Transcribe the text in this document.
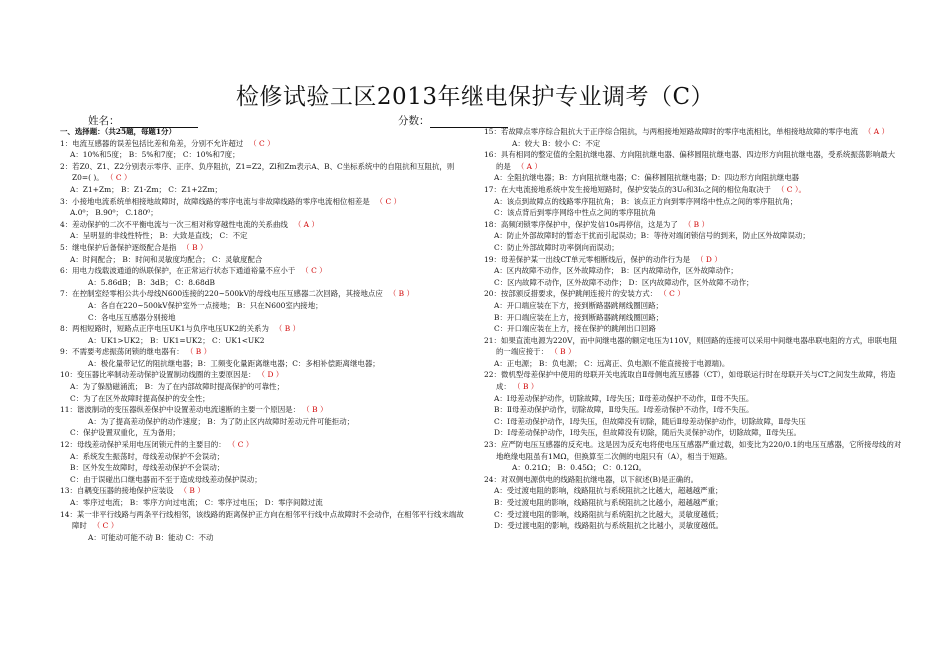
检修试验工区2013年继电保护专业调考（C）
姓名：	分数：
一、选择题：（共25题，每题1分）
1：电流互感器的误差包括比差和角差，分别不允许超过 （ C ）
A：10%和5度； B：5%和7度； C：10%和7度；
2：若Z0、Z1、Z2分别表示零序、正序、负序阻抗，Z1=Z2，Zl和Zm表示A、B、C坐标系统中的自阻抗和互阻抗，则Z0=( )。 （ C ）
A：Z1+Zm； B：Z1-Zm； C：Z1+2Zm；
3：小接地电流系统单相接地故障时，故障线路的零序电流与非故障线路的零序电流相位相差是 （ C ）
A.0⁰； B.90⁰； C.180⁰；
4：差动保护的二次不平衡电流与一次三相对称穿越性电流的关系曲线 （ A ）
A：呈明显的非线性特性； B：大致是直线； C：不定
5：继电保护后备保护逐级配合是指 （ B ）
A：时间配合； B：时间和灵敏度均配合； C：灵敏度配合
6：用电力线载波通道的纵联保护，在正常运行状态下通道裕量不应小于 （ C ）
A：5.86dB； B：3dB； C：8.68dB
7：在控制室经零相公共小母线N600连接的220~500kV的母线电压互感器二次回路，其接地点应 （ B ）
A：各自在220~500kV保护室外一点接地； B：只在N600室内接地；
C：各电压互感器分别接地
8：两相短路时，短路点正序电压UK1与负序电压UK2的关系为 （ B ）
A：UK1>UK2； B：UK1=UK2； C：UK1<UK2
9：不需要考虑振荡闭锁的继电器有： （ B ）
A：极化量带记忆的阻抗继电器；B：工频变化量距离继电器；C：多相补偿距离继电器；
10：变压器比率制动差动保护设置制动线圈的主要原因是： （ D ）
A：为了躲励磁涌流； B：为了在内部故障时提高保护的可靠性；
C：为了在区外故障时提高保护的安全性；
11：谐波制动的变压器纵差保护中设置差动电流速断的主要一个原因是： （ B ）
A：为了提高差动保护的动作速度； B：为了防止区内故障时差动元件可能拒动；
C：保护设置双重化，互为备用；
12：母线差动保护采用电压闭锁元件的主要目的： （ C ）
A：系统发生振荡时，母线差动保护不会误动；
B：区外发生故障时，母线差动保护不会误动；
C：由于误碰出口继电器而不至于造成母线差动保护误动；
13：自耦变压器的接地保护应装设 （ B ）
A：零序过电流； B：零序方向过电流； C：零序过电压； D：零序间隙过流
14：某一非平行线路与两条平行线相邻，该线路的距离保护正方向在相邻平行线中点故障时不会动作，在相邻平行线末端故障时 （ C ）
A：可能动可能不动 B：能动 C：不动
15：若故障点零序综合阻抗大于正序综合阻抗，与两相接地短路故障时的零序电流相比，单相接地故障的零序电流 （ A ）
A：较大 B：较小 C：不定
16：具有相同的整定值的全阻抗继电器、方向阻抗继电器、偏移圆阻抗继电器、四边形方向阻抗继电器，受系统振荡影响最大的是 （ A ）
A：全阻抗继电器；B：方向阻抗继电器；C：偏移圆阻抗继电器；D：四边形方向阻抗继电器
17：在大电流接地系统中发生接地短路时，保护安装点的3U₀和3I₀之间的相位角取决于 （ C ）。
A：该点到故障点的线路零序阻抗角； B：该点正方向到零序网络中性点之间的零序阻抗角；
C：该点背后到零序网络中性点之间的零序阻抗角
18：高频闭锁零序保护中，保护发信10s再停信，这是为了 （ B ）
A：防止外部故障时的暂态干扰而引起误动；B：等待对端闭锁信号的到来，防止区外故障误动；
C：防止外部故障时功率倒向而误动；
19：母差保护某一出线CT单元零相断线后，保护的动作行为是 （ D ）
A：区内故障不动作，区外故障动作； B：区内故障动作，区外故障动作；
C：区内故障不动作，区外故障不动作； D：区内故障动作，区外故障不动作；
20：按部颁反措要求，保护跳闸连接片的安装方式： （ C ）
A：开口端应装在下方，接到断路器跳闸线圈回路；
B：开口端应装在上方，接到断路器跳闸线圈回路；
C：开口端应装在上方，接在保护的跳闸出口回路
21：如果直流电源为220V，而中间继电器的额定电压为110V，则回路的连接可以采用中间继电器串联电阻的方式，串联电阻的一端应接于： （ B ）
A：正电源； B：负电源； C：远离正、负电源(不能直接接于电源端)。
22：微机型母差保护中使用的母联开关电流取自Ⅱ母侧电流互感器（CT），如母联运行时在母联开关与CT之间发生故障，将造成： （ B ）
A：Ⅰ母差动保护动作，切除故障，Ⅰ母失压；Ⅱ母差动保护不动作，Ⅱ母不失压。
B：Ⅱ母差动保护动作，切除故障，Ⅱ母失压。Ⅰ母差动保护不动作，Ⅰ母不失压。
C：Ⅰ母差动保护动作，Ⅰ母失压，但故障没有切除，随后Ⅱ母差动保护动作，切除故障，Ⅱ母失压
D：Ⅰ母差动保护动作，Ⅰ母失压，但故障没有切除，随后失灵保护动作，切除故障，Ⅱ母失压。
23：应严防电压互感器的反充电。这是因为反充电将使电压互感器严重过载，如变比为220/0.1的电压互感器，它所接母线的对地绝缘电阻虽有1MΩ，但换算至二次侧的电阻只有（A），相当于短路。
A：0.21Ω； B：0.45Ω； C：0.12Ω。
24：对双侧电源供电的线路阻抗继电器，以下叙述(B)是正确的。
A：受过渡电阻的影响，线路阻抗与系统阻抗之比越大，超越越严重；
B：受过渡电阻的影响，线路阻抗与系统阻抗之比越小，超越越严重；
C：受过渡电阻的影响，线路阻抗与系统阻抗之比越大，灵敏度越低；
D：受过渡电阻的影响，线路阻抗与系统阻抗之比越小，灵敏度越低。
